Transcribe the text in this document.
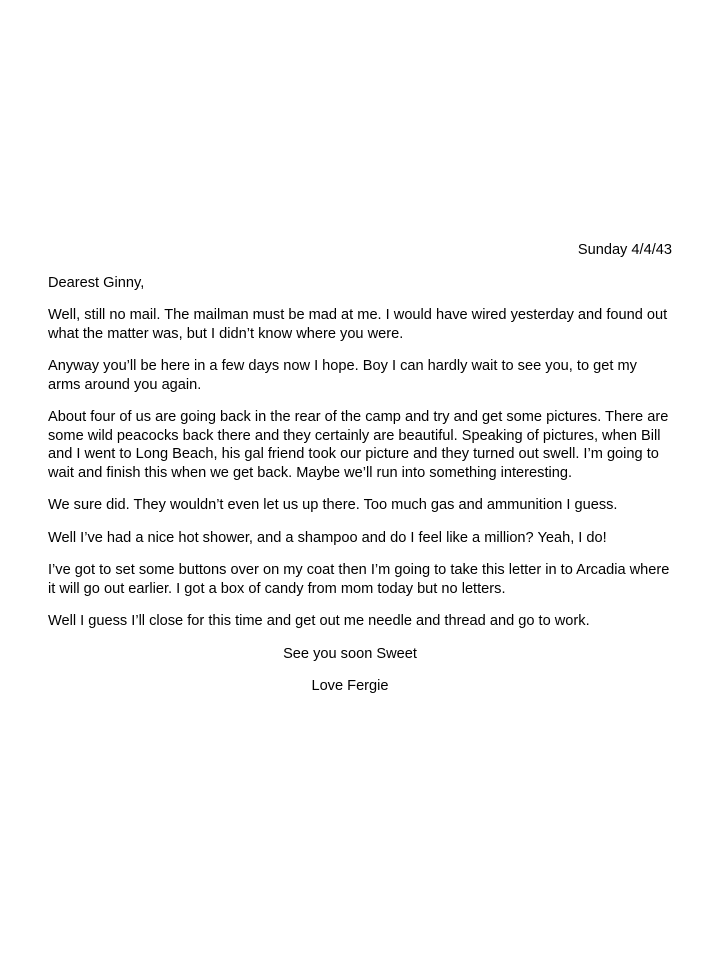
Sunday 4/4/43
Dearest Ginny,

Well, still no mail. The mailman must be mad at me. I would have wired yesterday and found out what the matter was, but I didn’t know where you were.

Anyway you’ll be here in a few days now I hope. Boy I can hardly wait to see you, to get my arms around you again.

About four of us are going back in the rear of the camp and try and get some pictures. There are some wild peacocks back there and they certainly are beautiful. Speaking of pictures, when Bill and I went to Long Beach, his gal friend took our picture and they turned out swell. I’m going to wait and finish this when we get back. Maybe we’ll run into something interesting.

We sure did. They wouldn’t even let us up there. Too much gas and ammunition I guess.

Well I’ve had a nice hot shower, and a shampoo and do I feel like a million? Yeah, I do!

I’ve got to set some buttons over on my coat then I’m going to take this letter in to Arcadia where it will go out earlier. I got a box of candy from mom today but no letters.

Well I guess I’ll close for this time and get out me needle and thread and go to work.

See you soon Sweet
Love Fergie
